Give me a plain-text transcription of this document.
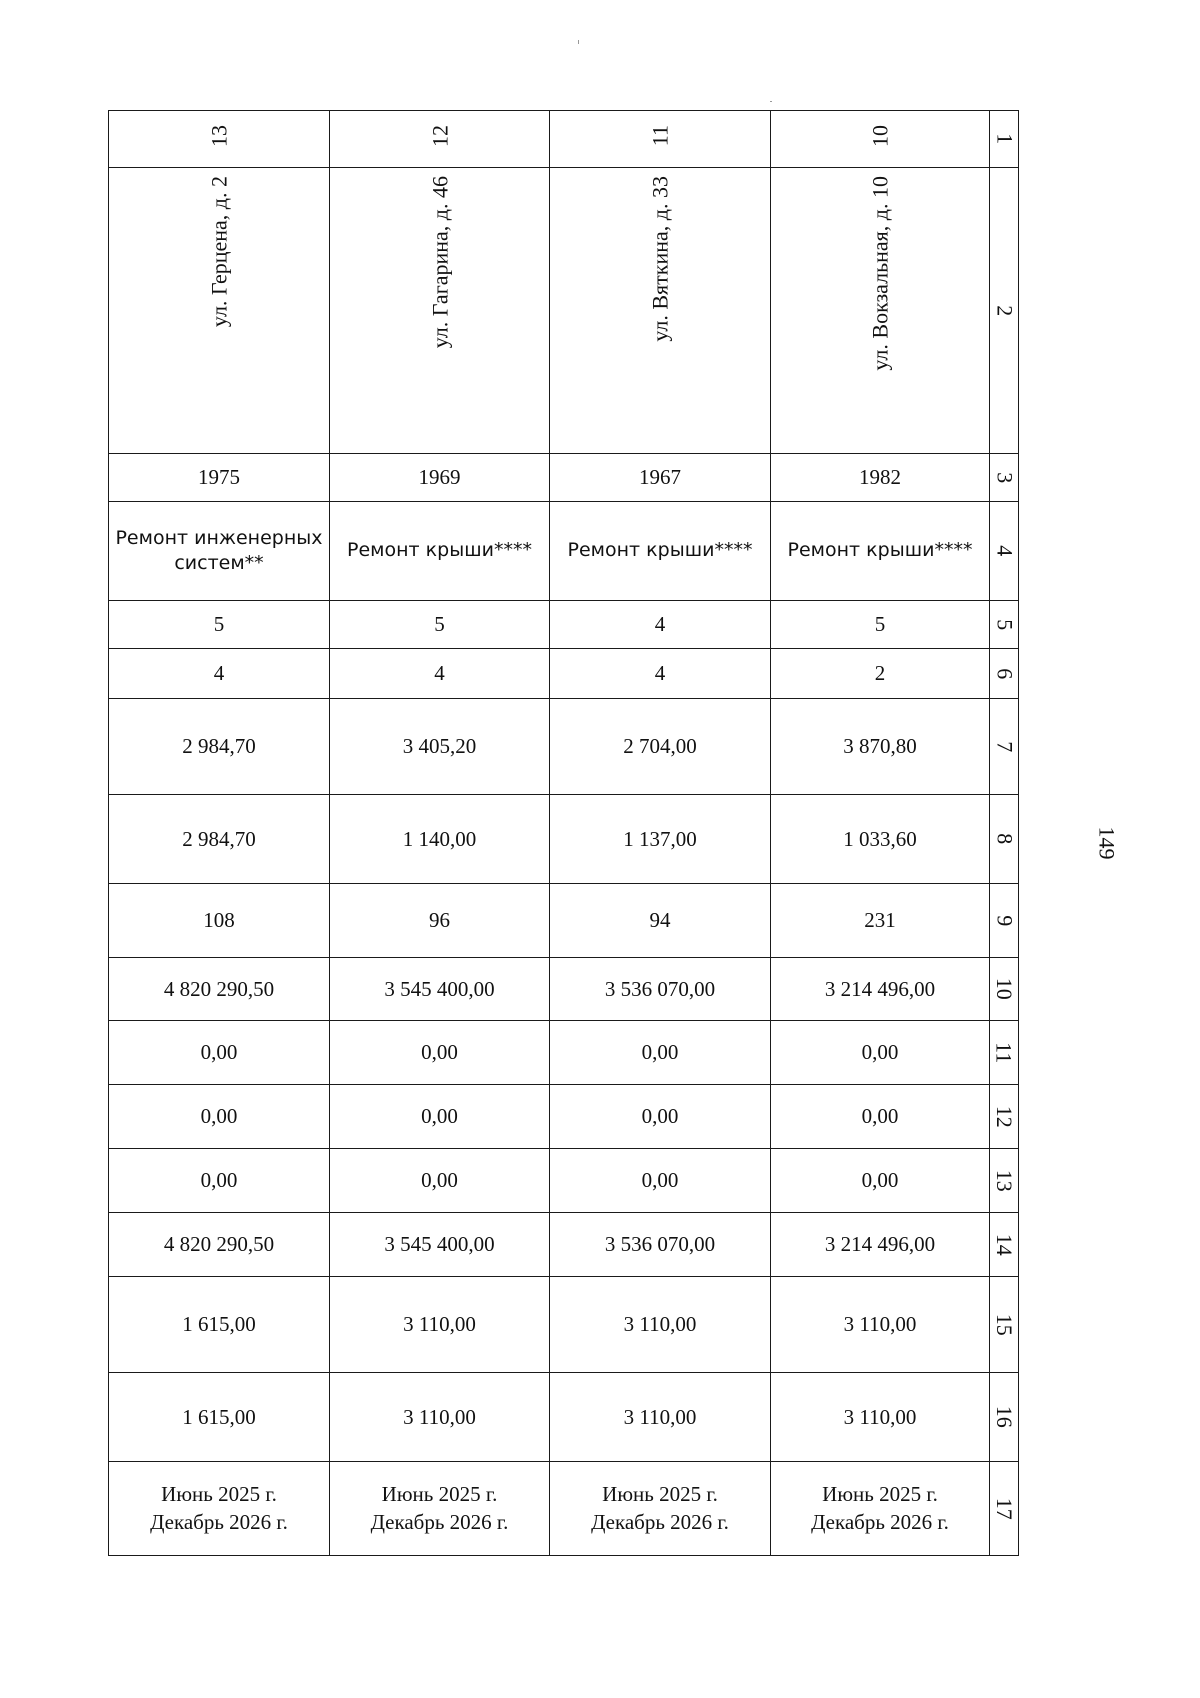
13	12	11	10	1

ул. Герцена, д. 2	ул. Гагарина, д. 46	ул. Вяткина, д. 33	ул. Вокзальная, д. 10	2
1975	1969	1967	1982	3
Ремонт инженерных
систем**	Ремонт крыши****	Ремонт крыши****	Ремонт крыши****	4
5	5	4	5	5
4	4	4	2	6
2 984,70	3 405,20	2 704,00	3 870,80	7
2 984,70	1 140,00	1 137,00	1 033,60	8
108	96	94	231	9
4 820 290,50	3 545 400,00	3 536 070,00	3 214 496,00	10
0,00	0,00	0,00	0,00	11
0,00	0,00	0,00	0,00	12
0,00	0,00	0,00	0,00	13
4 820 290,50	3 545 400,00	3 536 070,00	3 214 496,00	14
1 615,00	3 110,00	3 110,00	3 110,00	15
1 615,00	3 110,00	3 110,00	3 110,00	16
Июнь 2025 г.
Декабрь 2026 г.	Июнь 2025 г.
Декабрь 2026 г.	Июнь 2025 г.
Декабрь 2026 г.	Июнь 2025 г.
Декабрь 2026 г.	17
149
